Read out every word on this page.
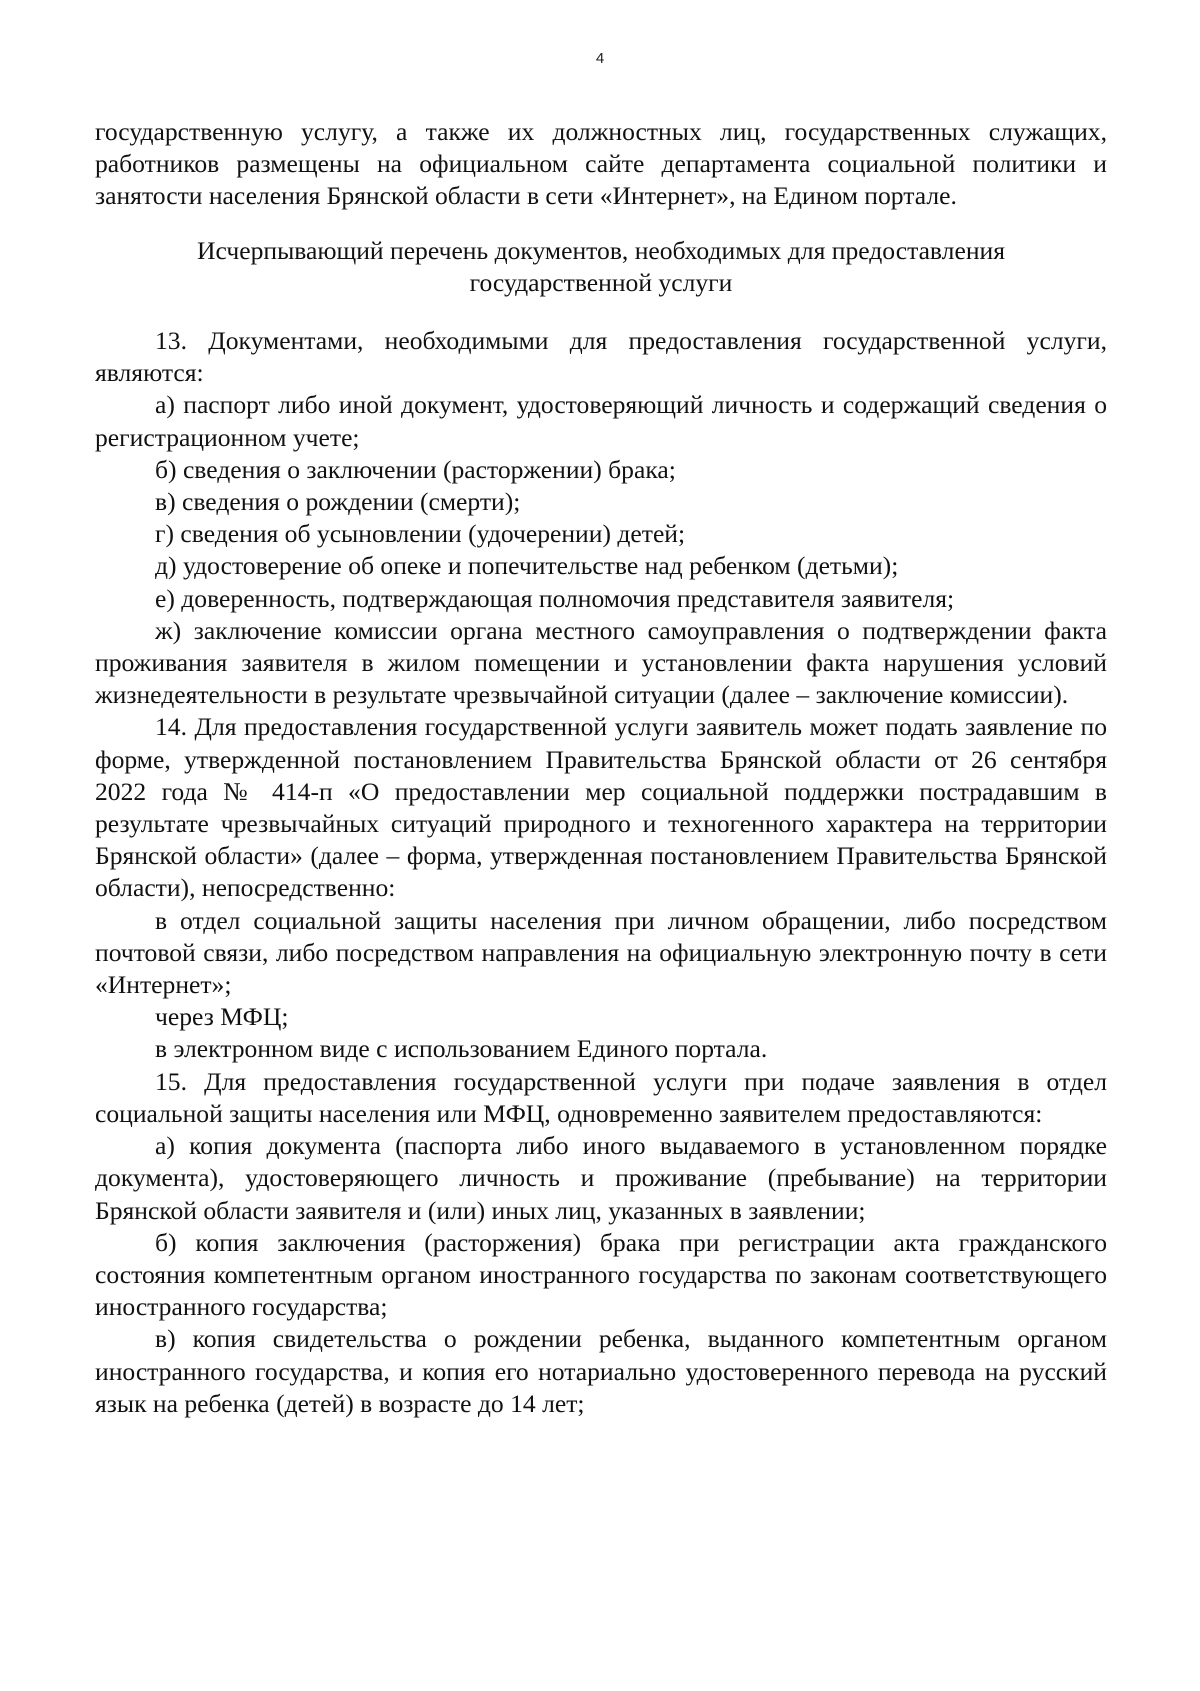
4

государственную услугу, а также их должностных лиц, государственных служащих, работников размещены на официальном сайте департамента социальной политики и занятости населения Брянской области в сети «Интернет», на Едином портале.

Исчерпывающий перечень документов, необходимых для предоставления
государственной услуги

13. Документами, необходимыми для предоставления государственной услуги, являются:

а) паспорт либо иной документ, удостоверяющий личность и содержащий сведения о регистрационном учете;

б) сведения о заключении (расторжении) брака;

в) сведения о рождении (смерти);

г) сведения об усыновлении (удочерении) детей;

д) удостоверение об опеке и попечительстве над ребенком (детьми);

е) доверенность, подтверждающая полномочия представителя заявителя;

ж) заключение комиссии органа местного самоуправления о подтверждении факта проживания заявителя в жилом помещении и установлении факта нарушения условий жизнедеятельности в результате чрезвычайной ситуации (далее – заключение комиссии).

14. Для предоставления государственной услуги заявитель может подать заявление по форме, утвержденной постановлением Правительства Брянской области от 26 сентября 2022 года № 414-п «О предоставлении мер социальной поддержки пострадавшим в результате чрезвычайных ситуаций природного и техногенного характера на территории Брянской области» (далее – форма, утвержденная постановлением Правительства Брянской области), непосредственно:

в отдел социальной защиты населения при личном обращении, либо посредством почтовой связи, либо посредством направления на официальную электронную почту в сети «Интернет»;

через МФЦ;

в электронном виде с использованием Единого портала.

15. Для предоставления государственной услуги при подаче заявления в отдел социальной защиты населения или МФЦ, одновременно заявителем предоставляются:

а) копия документа (паспорта либо иного выдаваемого в установленном порядке документа), удостоверяющего личность и проживание (пребывание) на территории Брянской области заявителя и (или) иных лиц, указанных в заявлении;

б) копия заключения (расторжения) брака при регистрации акта гражданского состояния компетентным органом иностранного государства по законам соответствующего иностранного государства;

в) копия свидетельства о рождении ребенка, выданного компетентным органом иностранного государства, и копия его нотариально удостоверенного перевода на русский язык на ребенка (детей) в возрасте до 14 лет;
